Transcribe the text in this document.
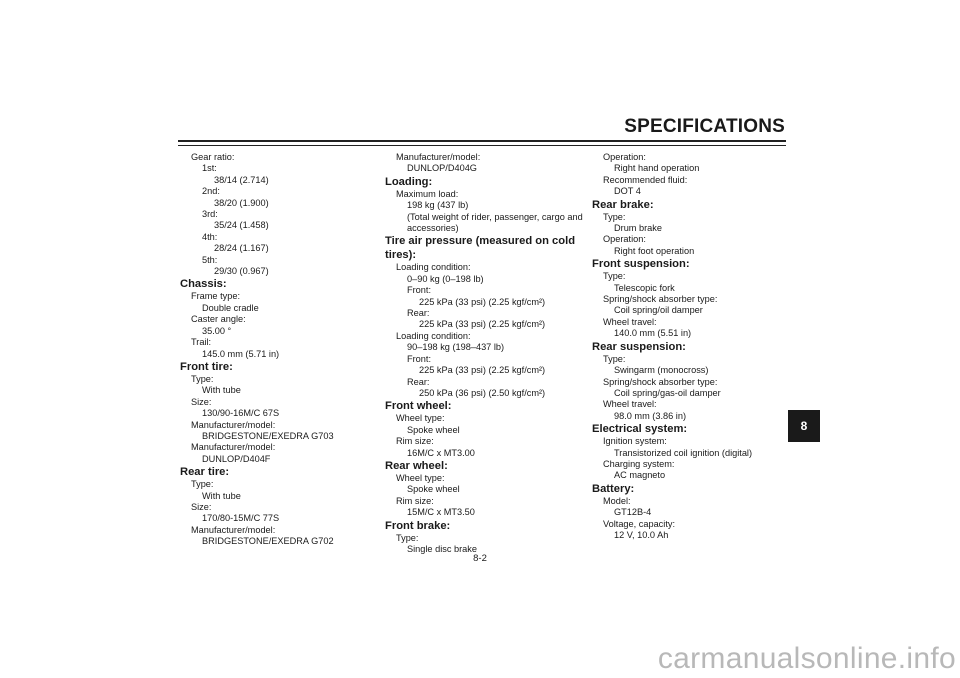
SPECIFICATIONS
Gear ratio:
1st:
38/14 (2.714)
2nd:
38/20 (1.900)
3rd:
35/24 (1.458)
4th:
28/24 (1.167)
5th:
29/30 (0.967)
Chassis:
Frame type:
Double cradle
Caster angle:
35.00 °
Trail:
145.0 mm (5.71 in)
Front tire:
Type:
With tube
Size:
130/90-16M/C 67S
Manufacturer/model:
BRIDGESTONE/EXEDRA G703
Manufacturer/model:
DUNLOP/D404F
Rear tire:
Type:
With tube
Size:
170/80-15M/C 77S
Manufacturer/model:
BRIDGESTONE/EXEDRA G702
Manufacturer/model:
DUNLOP/D404G
Loading:
Maximum load:
198 kg (437 lb)
(Total weight of rider, passenger, cargo and accessories)
Tire air pressure (measured on cold tires):
Loading condition:
0–90 kg (0–198 lb)
Front:
225 kPa (33 psi) (2.25 kgf/cm²)
Rear:
225 kPa (33 psi) (2.25 kgf/cm²)
Loading condition:
90–198 kg (198–437 lb)
Front:
225 kPa (33 psi) (2.25 kgf/cm²)
Rear:
250 kPa (36 psi) (2.50 kgf/cm²)
Front wheel:
Wheel type:
Spoke wheel
Rim size:
16M/C x MT3.00
Rear wheel:
Wheel type:
Spoke wheel
Rim size:
15M/C x MT3.50
Front brake:
Type:
Single disc brake
Operation:
Right hand operation
Recommended fluid:
DOT 4
Rear brake:
Type:
Drum brake
Operation:
Right foot operation
Front suspension:
Type:
Telescopic fork
Spring/shock absorber type:
Coil spring/oil damper
Wheel travel:
140.0 mm (5.51 in)
Rear suspension:
Type:
Swingarm (monocross)
Spring/shock absorber type:
Coil spring/gas-oil damper
Wheel travel:
98.0 mm (3.86 in)
Electrical system:
Ignition system:
Transistorized coil ignition (digital)
Charging system:
AC magneto
Battery:
Model:
GT12B-4
Voltage, capacity:
12 V, 10.0 Ah
8
8-2
carmanualsonline.info
